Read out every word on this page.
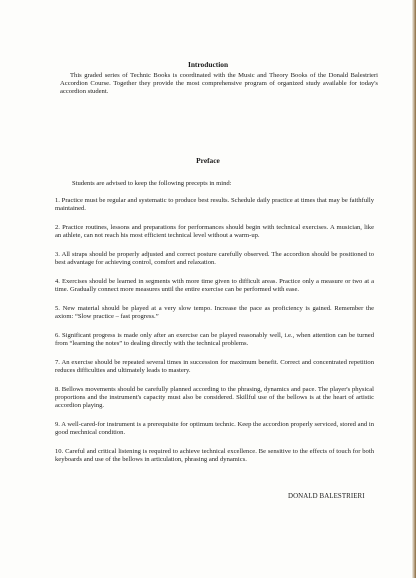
Introduction

This graded series of Technic Books is coordinated with the Music and Theory Books of the Donald Balestrieri Accordion Course. Together they provide the most comprehensive program of organized study available for today's accordion student.

Preface

Students are advised to keep the following precepts in mind:

1. Practice must be regular and systematic to produce best results. Schedule daily practice at times that may be faithfully maintained.
2. Practice routines, lessons and preparations for performances should begin with technical exercises. A musician, like an athlete, can not reach his most efficient technical level without a warm-up.
3. All straps should be properly adjusted and correct posture carefully observed. The accordion should be positioned to best advantage for achieving control, comfort and relaxation.
4. Exercises should be learned in segments with more time given to difficult areas. Practice only a measure or two at a time. Gradually connect more measures until the entire exercise can be performed with ease.
5. New material should be played at a very slow tempo. Increase the pace as proficiency is gained. Remember the axiom: “Slow practice – fast progress.”
6. Significant progress is made only after an exercise can be played reasonably well, i.e., when attention can be turned from “learning the notes” to dealing directly with the technical problems.
7. An exercise should be repeated several times in succession for maximum benefit. Correct and concentrated repetition reduces difficulties and ultimately leads to mastery.
8. Bellows movements should be carefully planned according to the phrasing, dynamics and pace. The player's physical proportions and the instrument's capacity must also be considered. Skillful use of the bellows is at the heart of artistic accordion playing.
9. A well-cared-for instrument is a prerequisite for optimum technic. Keep the accordion properly serviced, stored and in good mechnical condition.
10. Careful and critical listening is required to achieve technical excellence. Be sensitive to the effects of touch for both keyboards and use of the bellows in articulation, phrasing and dynamics.

DONALD BALESTRIERI
